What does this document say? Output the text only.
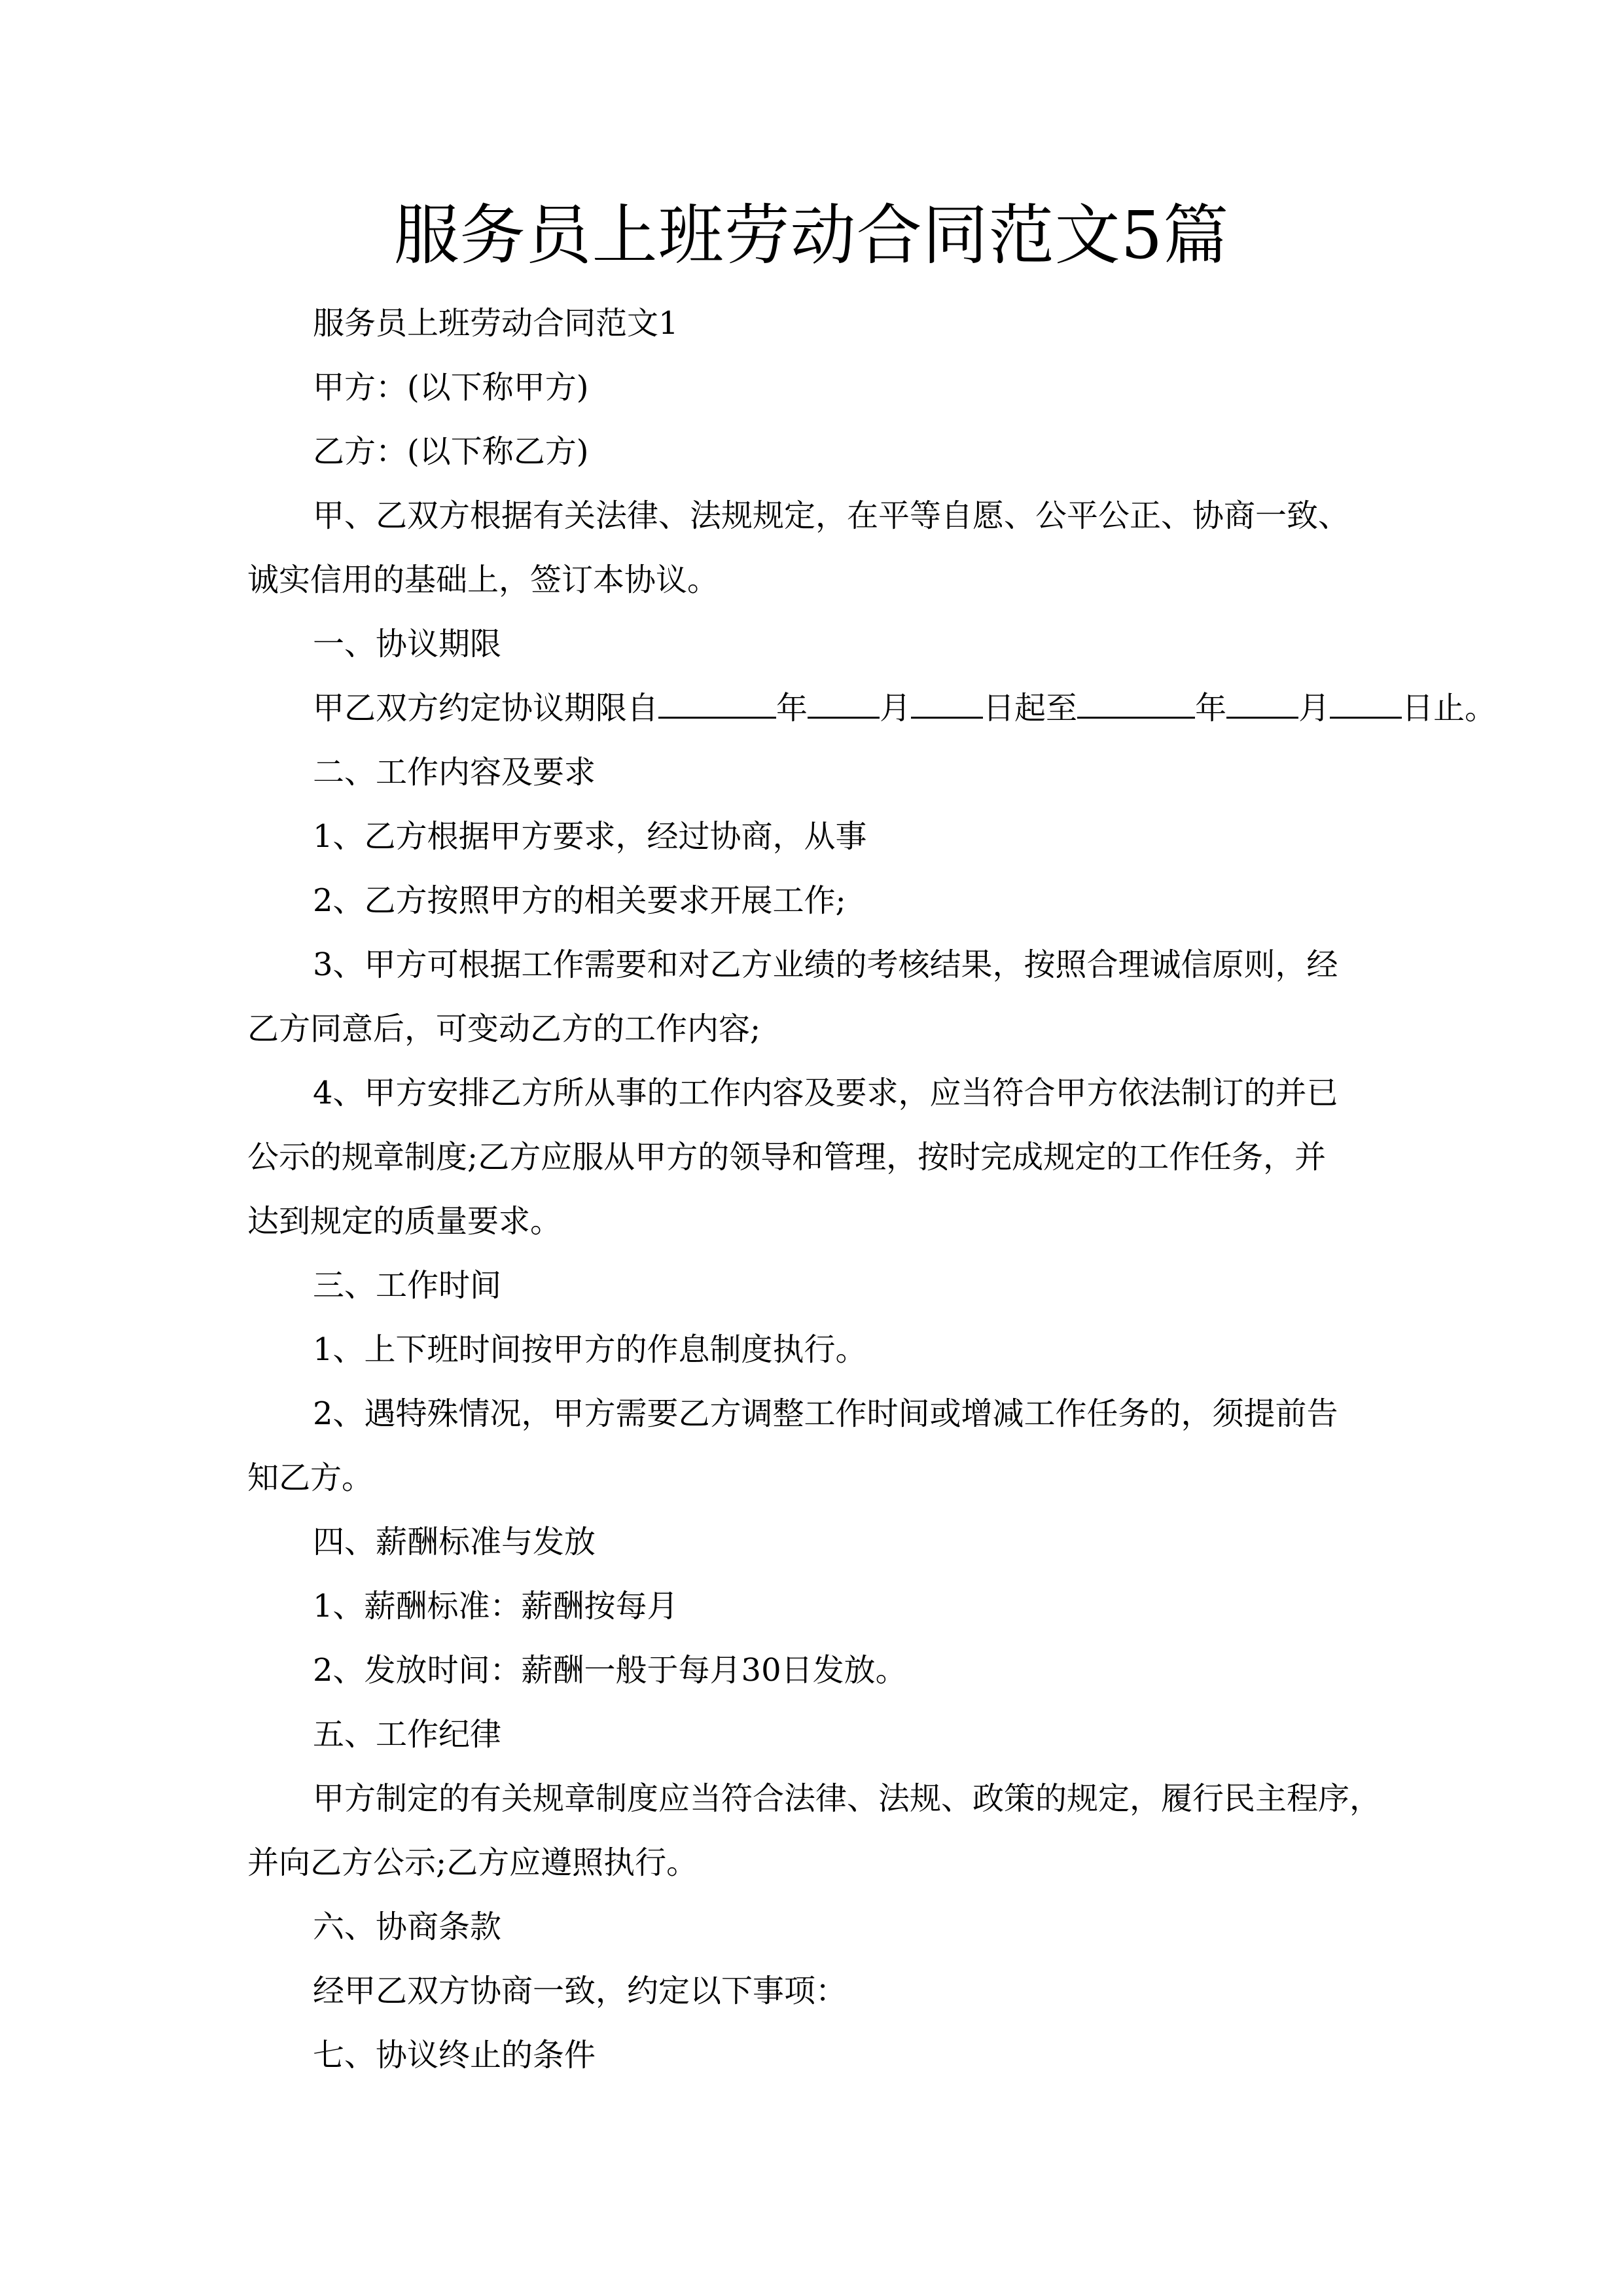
服务员上班劳动合同范文5篇
服务员上班劳动合同范文1
甲方：(以下称甲方)
乙方：(以下称乙方)
甲、乙双方根据有关法律、法规规定，在平等自愿、公平公正、协商一致、
诚实信用的基础上，签订本协议。
一、协议期限
甲乙双方约定协议期限自	年 月 日起至	年 月 日止。
二、工作内容及要求
1、乙方根据甲方要求，经过协商，从事
2、乙方按照甲方的相关要求开展工作;
3、甲方可根据工作需要和对乙方业绩的考核结果，按照合理诚信原则，经
乙方同意后，可变动乙方的工作内容;
4、甲方安排乙方所从事的工作内容及要求，应当符合甲方依法制订的并已
公示的规章制度;乙方应服从甲方的领导和管理，按时完成规定的工作任务，并
达到规定的质量要求。
三、工作时间
1、上下班时间按甲方的作息制度执行。
2、遇特殊情况，甲方需要乙方调整工作时间或增减工作任务的，须提前告
知乙方。
四、薪酬标准与发放
1、薪酬标准：薪酬按每月
2、发放时间：薪酬一般于每月30日发放。
五、工作纪律
甲方制定的有关规章制度应当符合法律、法规、政策的规定，履行民主程序，
并向乙方公示;乙方应遵照执行。
六、协商条款
经甲乙双方协商一致，约定以下事项：
七、协议终止的条件
